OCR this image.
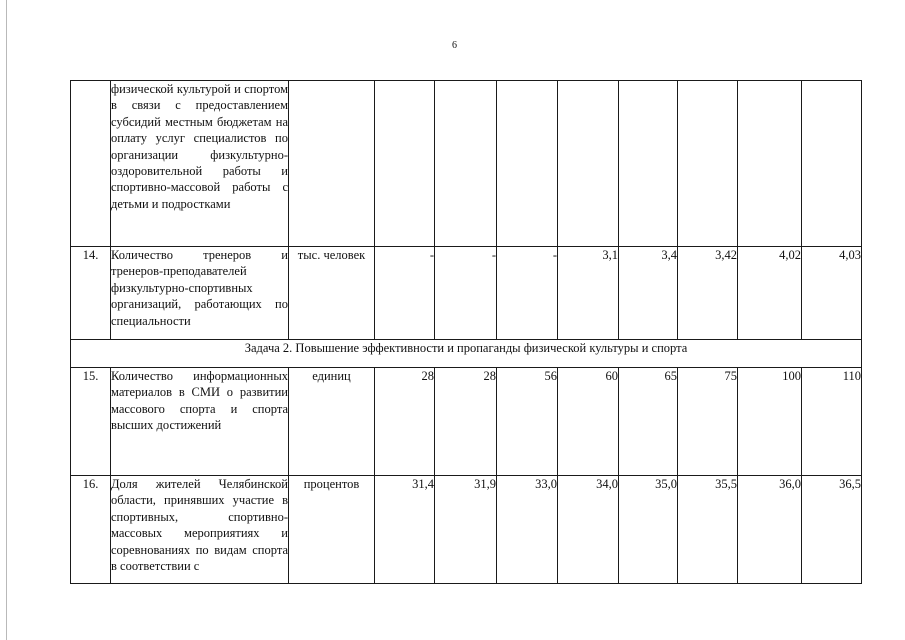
6
	физической культурой и спортом в связи с предоставлением субсидий местным бюджетам на оплату услуг специалистов по организации физкультурно-оздоровительной работы и спортивно-массовой работы с детьми и подростками									
14.	Количество тренеров и тренеров-преподавателей физкультурно-спортивных организаций, работающих по специальности	тыс. человек	-	-	-	3,1	3,4	3,42	4,02	4,03
Задача 2. Повышение эффективности и пропаганды физической культуры и спорта										
15.	Количество информационных материалов в СМИ о развитии массового спорта и спорта высших достижений	единиц	28	28	56	60	65	75	100	110
16.	Доля жителей Челябинской области, принявших участие в спортивных, спортивно-массовых мероприятиях и соревнованиях по видам спорта в соответствии с	процентов	31,4	31,9	33,0	34,0	35,0	35,5	36,0	36,5
